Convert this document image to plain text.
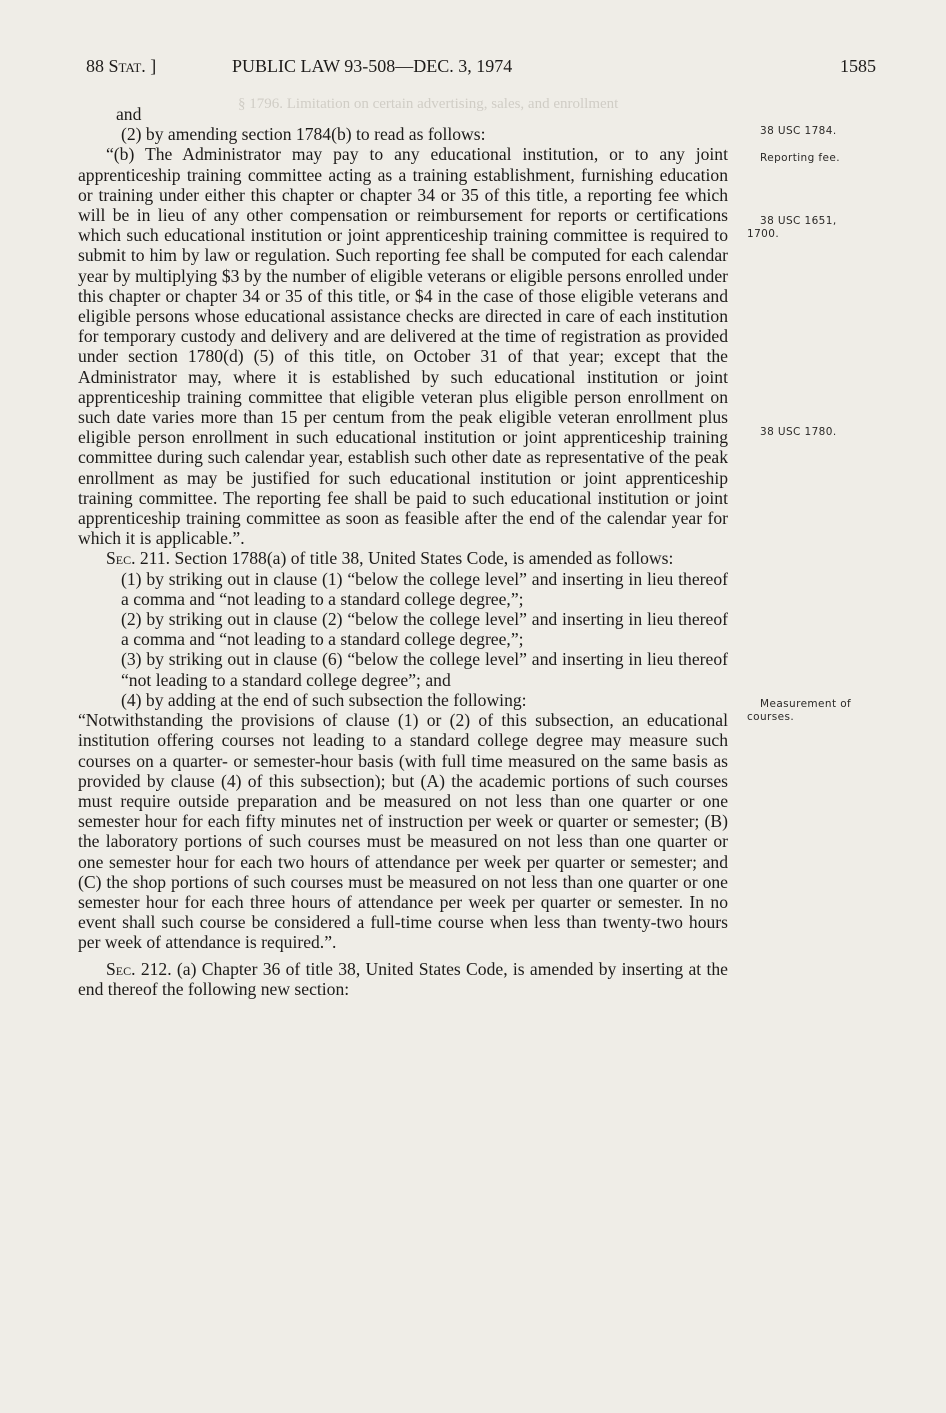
§ 1796. Limitation on certain advertising, sales, and enrollment
88 Stat. ]	PUBLIC LAW 93-508—DEC. 3, 1974	1585

and

(2) by amending section 1784(b) to read as follows:

“(b) The Administrator may pay to any educational institution, or to any joint apprenticeship training committee acting as a training establishment, furnishing education or training under either this chapter or chapter 34 or 35 of this title, a reporting fee which will be in lieu of any other compensation or reimbursement for reports or certifications which such educational institution or joint apprenticeship training committee is required to submit to him by law or regulation. Such reporting fee shall be computed for each calendar year by multiplying $3 by the number of eligible veterans or eligible persons enrolled under this chapter or chapter 34 or 35 of this title, or $4 in the case of those eligible veterans and eligible persons whose educational assistance checks are directed in care of each institution for temporary custody and delivery and are delivered at the time of registration as provided under section 1780(d) (5) of this title, on October 31 of that year; except that the Administrator may, where it is established by such educational institution or joint apprenticeship training committee that eligible veteran plus eligible person enrollment on such date varies more than 15 per centum from the peak eligible veteran enrollment plus eligible person enrollment in such educational institution or joint apprenticeship training committee during such calendar year, establish such other date as representative of the peak enrollment as may be justified for such educational institution or joint apprenticeship training committee. The reporting fee shall be paid to such educational institution or joint apprenticeship training committee as soon as feasible after the end of the calendar year for which it is applicable.”.

Sec. 211. Section 1788(a) of title 38, United States Code, is amended as follows:

(1) by striking out in clause (1) “below the college level” and inserting in lieu thereof a comma and “not leading to a standard college degree,”;

(2) by striking out in clause (2) “below the college level” and inserting in lieu thereof a comma and “not leading to a standard college degree,”;

(3) by striking out in clause (6) “below the college level” and inserting in lieu thereof “not leading to a standard college degree”; and

(4) by adding at the end of such subsection the following:

“Notwithstanding the provisions of clause (1) or (2) of this subsection, an educational institution offering courses not leading to a standard college degree may measure such courses on a quarter- or semester-hour basis (with full time measured on the same basis as provided by clause (4) of this subsection); but (A) the academic portions of such courses must require outside preparation and be measured on not less than one quarter or one semester hour for each fifty minutes net of instruction per week or quarter or semester; (B) the laboratory portions of such courses must be measured on not less than one quarter or one semester hour for each two hours of attendance per week per quarter or semester; and (C) the shop portions of such courses must be measured on not less than one quarter or one semester hour for each three hours of attendance per week per quarter or semester. In no event shall such course be considered a full-time course when less than twenty-two hours per week of attendance is required.”.

Sec. 212. (a) Chapter 36 of title 38, United States Code, is amended by inserting at the end thereof the following new section:

38 USC 1784.
Reporting fee.
38 USC 1651, 1700.
38 USC 1780.
Measurement of courses.
